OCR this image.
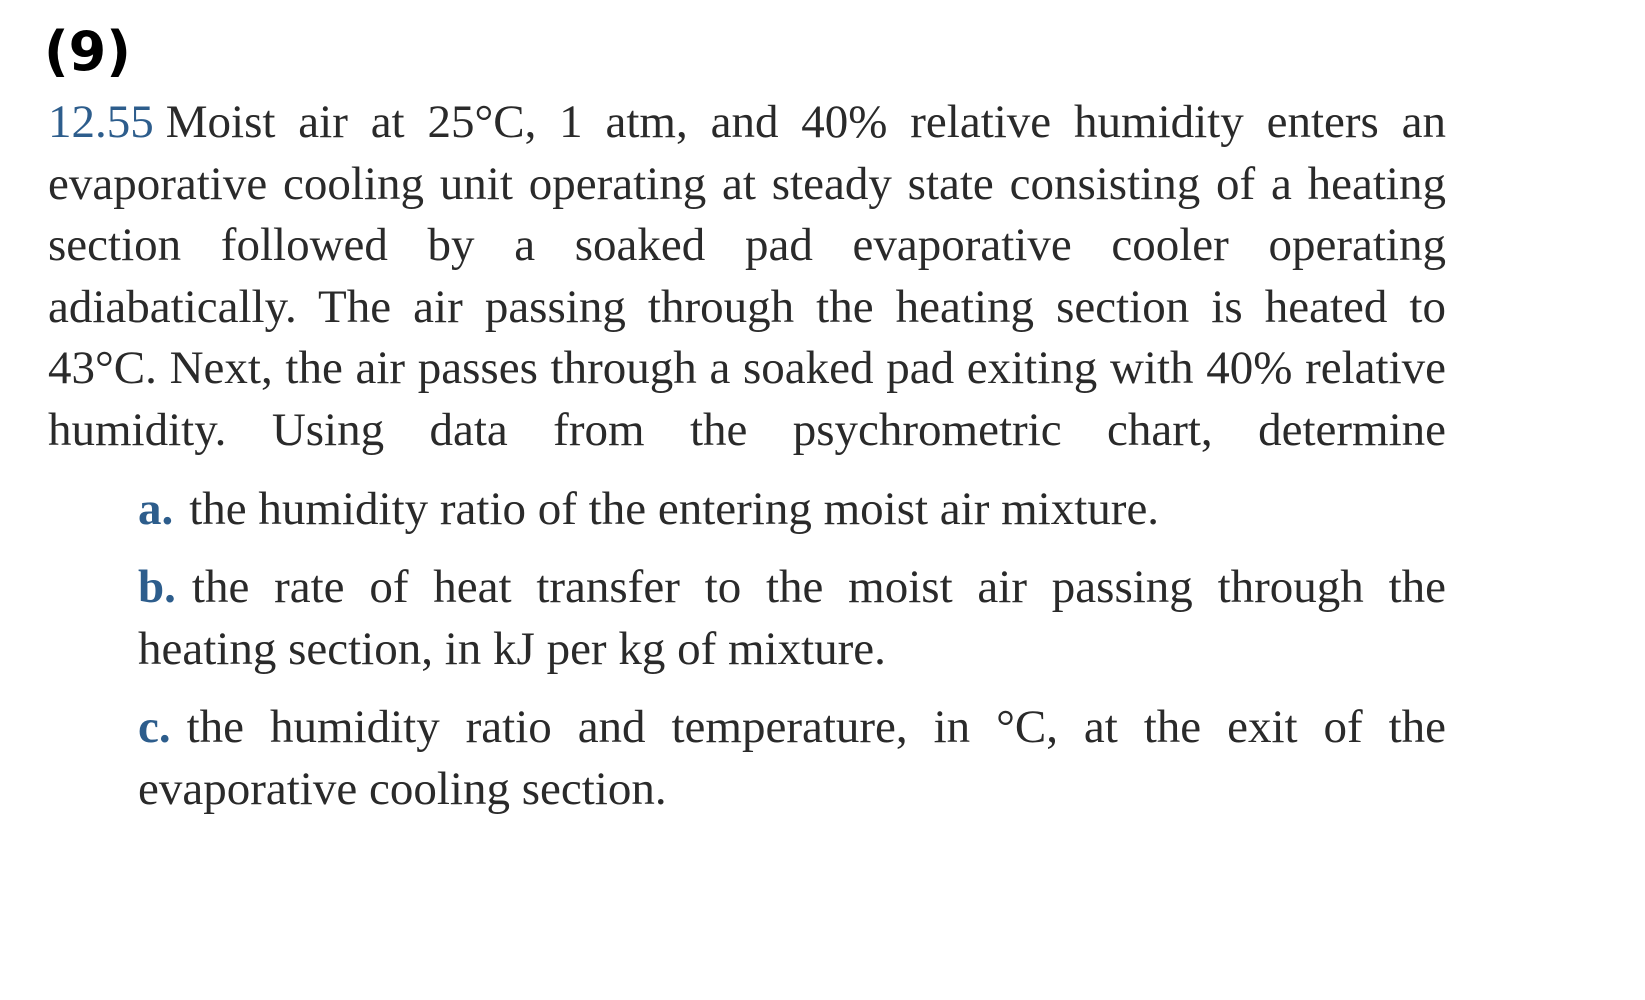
(9)
12.55 Moist air at 25°C, 1 atm, and 40% relative humidity enters an evaporative cooling unit operating at steady state consisting of a heating section followed by a soaked pad evaporative cooler operating adiabatically. The air passing through the heating section is heated to 43°C. Next, the air passes through a soaked pad exiting with 40% relative humidity. Using data from the psychrometric chart, determine
a. the humidity ratio of the entering moist air mixture.
b. the rate of heat transfer to the moist air passing through the heating section, in kJ per kg of mixture.
c. the humidity ratio and temperature, in °C, at the exit of the evaporative cooling section.
